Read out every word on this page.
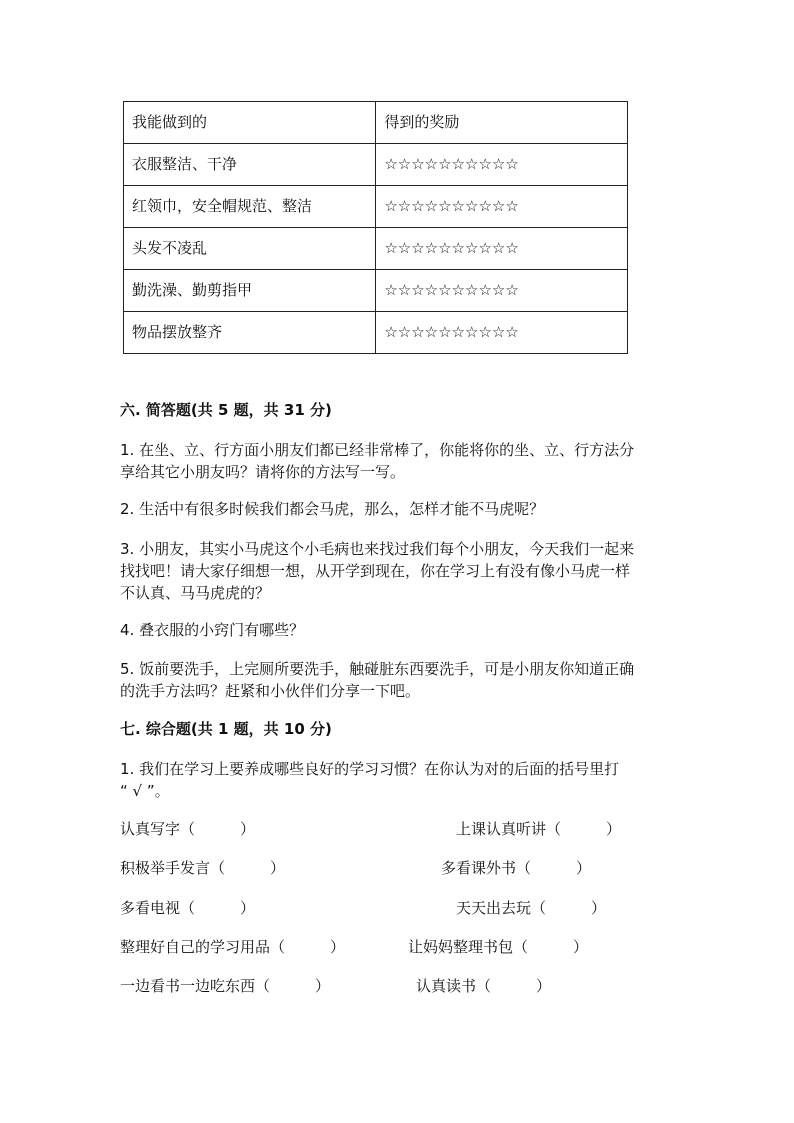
我能做到的	得到的奖励
衣服整洁、干净	☆☆☆☆☆☆☆☆☆☆
红领巾，安全帽规范、整洁	☆☆☆☆☆☆☆☆☆☆
头发不凌乱	☆☆☆☆☆☆☆☆☆☆
勤洗澡、勤剪指甲	☆☆☆☆☆☆☆☆☆☆
物品摆放整齐	☆☆☆☆☆☆☆☆☆☆
六. 简答题(共 5 题，共 31 分)
1. 在坐、立、行方面小朋友们都已经非常棒了，你能将你的坐、立、行方法分
享给其它小朋友吗？请将你的方法写一写。
2. 生活中有很多时候我们都会马虎，那么，怎样才能不马虎呢？
3. 小朋友，其实小马虎这个小毛病也来找过我们每个小朋友，今天我们一起来
找找吧！请大家仔细想一想，从开学到现在，你在学习上有没有像小马虎一样
不认真、马马虎虎的？
4. 叠衣服的小窍门有哪些？
5. 饭前要洗手，上完厕所要洗手，触碰脏东西要洗手，可是小朋友你知道正确
的洗手方法吗？赶紧和小伙伴们分享一下吧。
七. 综合题(共 1 题，共 10 分)
1. 我们在学习上要养成哪些良好的学习习惯？在你认为对的后面的括号里打
“ √ ”。
认真写字（　　　）	上课认真听讲（　　　）
积极举手发言（　　　）	多看课外书（　　　）
多看电视（　　　）	天天出去玩（　　　）
整理好自己的学习用品（　　　）	让妈妈整理书包（　　　）
一边看书一边吃东西（　　　）	认真读书（　　　）
